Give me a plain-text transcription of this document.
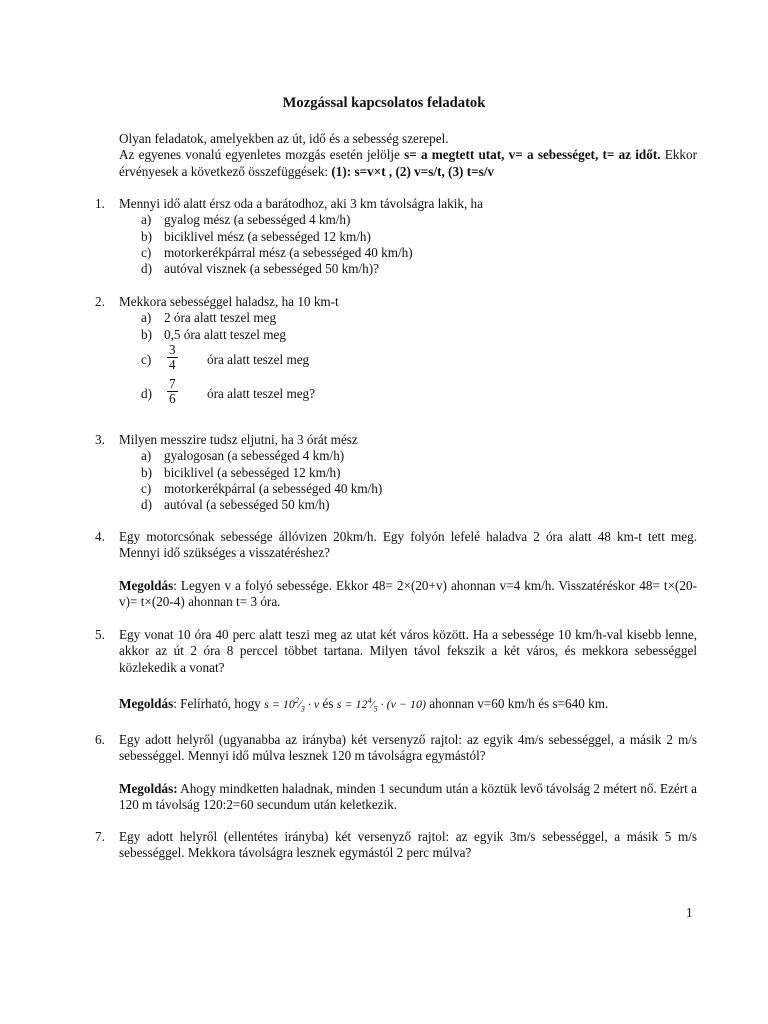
Mozgással kapcsolatos feladatok
Olyan feladatok, amelyekben az út, idő és a sebesség szerepel.
Az egyenes vonalú egyenletes mozgás esetén jelölje s= a megtett utat, v= a sebességet, t= az időt. Ekkor érvényesek a következő összefüggések: (1): s=v×t , (2) v=s/t, (3) t=s/v
1. Mennyi idő alatt érsz oda a barátodhoz, aki 3 km távolságra lakik, ha
a) gyalog mész (a sebességed 4 km/h)
b) biciklivel mész (a sebességed 12 km/h)
c) motorkerékpárral mész (a sebességed 40 km/h)
d) autóval visznek (a sebességed 50 km/h)?
2. Mekkora sebességgel haladsz, ha 10 km-t
a) 2 óra alatt teszel meg
b) 0,5 óra alatt teszel meg
$c) \frac{3}{4}$ óra alatt teszel meg
$d) \frac{7}{6}$ óra alatt teszel meg?
3. Milyen messzire tudsz eljutni, ha 3 órát mész
a) gyalogosan (a sebességed 4 km/h)
b) biciklivel (a sebességed 12 km/h)
c) motorkerékpárral (a sebességed 40 km/h)
d) autóval (a sebességed 50 km/h)
4. Egy motorcsónak sebessége állóvizen 20km/h. Egy folyón lefelé haladva 2 óra alatt 48 km-t tett meg. Mennyi idő szükséges a visszatéréshez?
Megoldás: Legyen v a folyó sebessége. Ekkor 48= 2×(20+v) ahonnan v=4 km/h. Visszatéréskor 48= t×(20-v)= t×(20-4) ahonnan t= 3 óra.
5. Egy vonat 10 óra 40 perc alatt teszi meg az utat két város között. Ha a sebessége 10 km/h-val kisebb lenne, akkor az út 2 óra 8 perccel többet tartana. Milyen távol fekszik a két város, és mekkora sebességgel közlekedik a vonat?
Megoldás: Felírható, hogy $s = 10^2⁄_3 \cdot v$ és $s = 12^4⁄_5 \cdot (v - 10)$ ahonnan v=60 km/h és s=640 km.
6. Egy adott helyről (ugyanabba az irányba) két versenyző rajtol: az egyik 4m/s sebességgel, a másik 2 m/s sebességgel. Mennyi idő múlva lesznek 120 m távolságra egymástól?
Megoldás: Ahogy mindketten haladnak, minden 1 secundum után a köztük levő távolság 2 métert nő. Ezért a 120 m távolság 120:2=60 secundum után keletkezik.
7. Egy adott helyről (ellentétes irányba) két versenyző rajtol: az egyik 3m/s sebességgel, a másik 5 m/s sebességgel. Mekkora távolságra lesznek egymástól 2 perc múlva?
1
